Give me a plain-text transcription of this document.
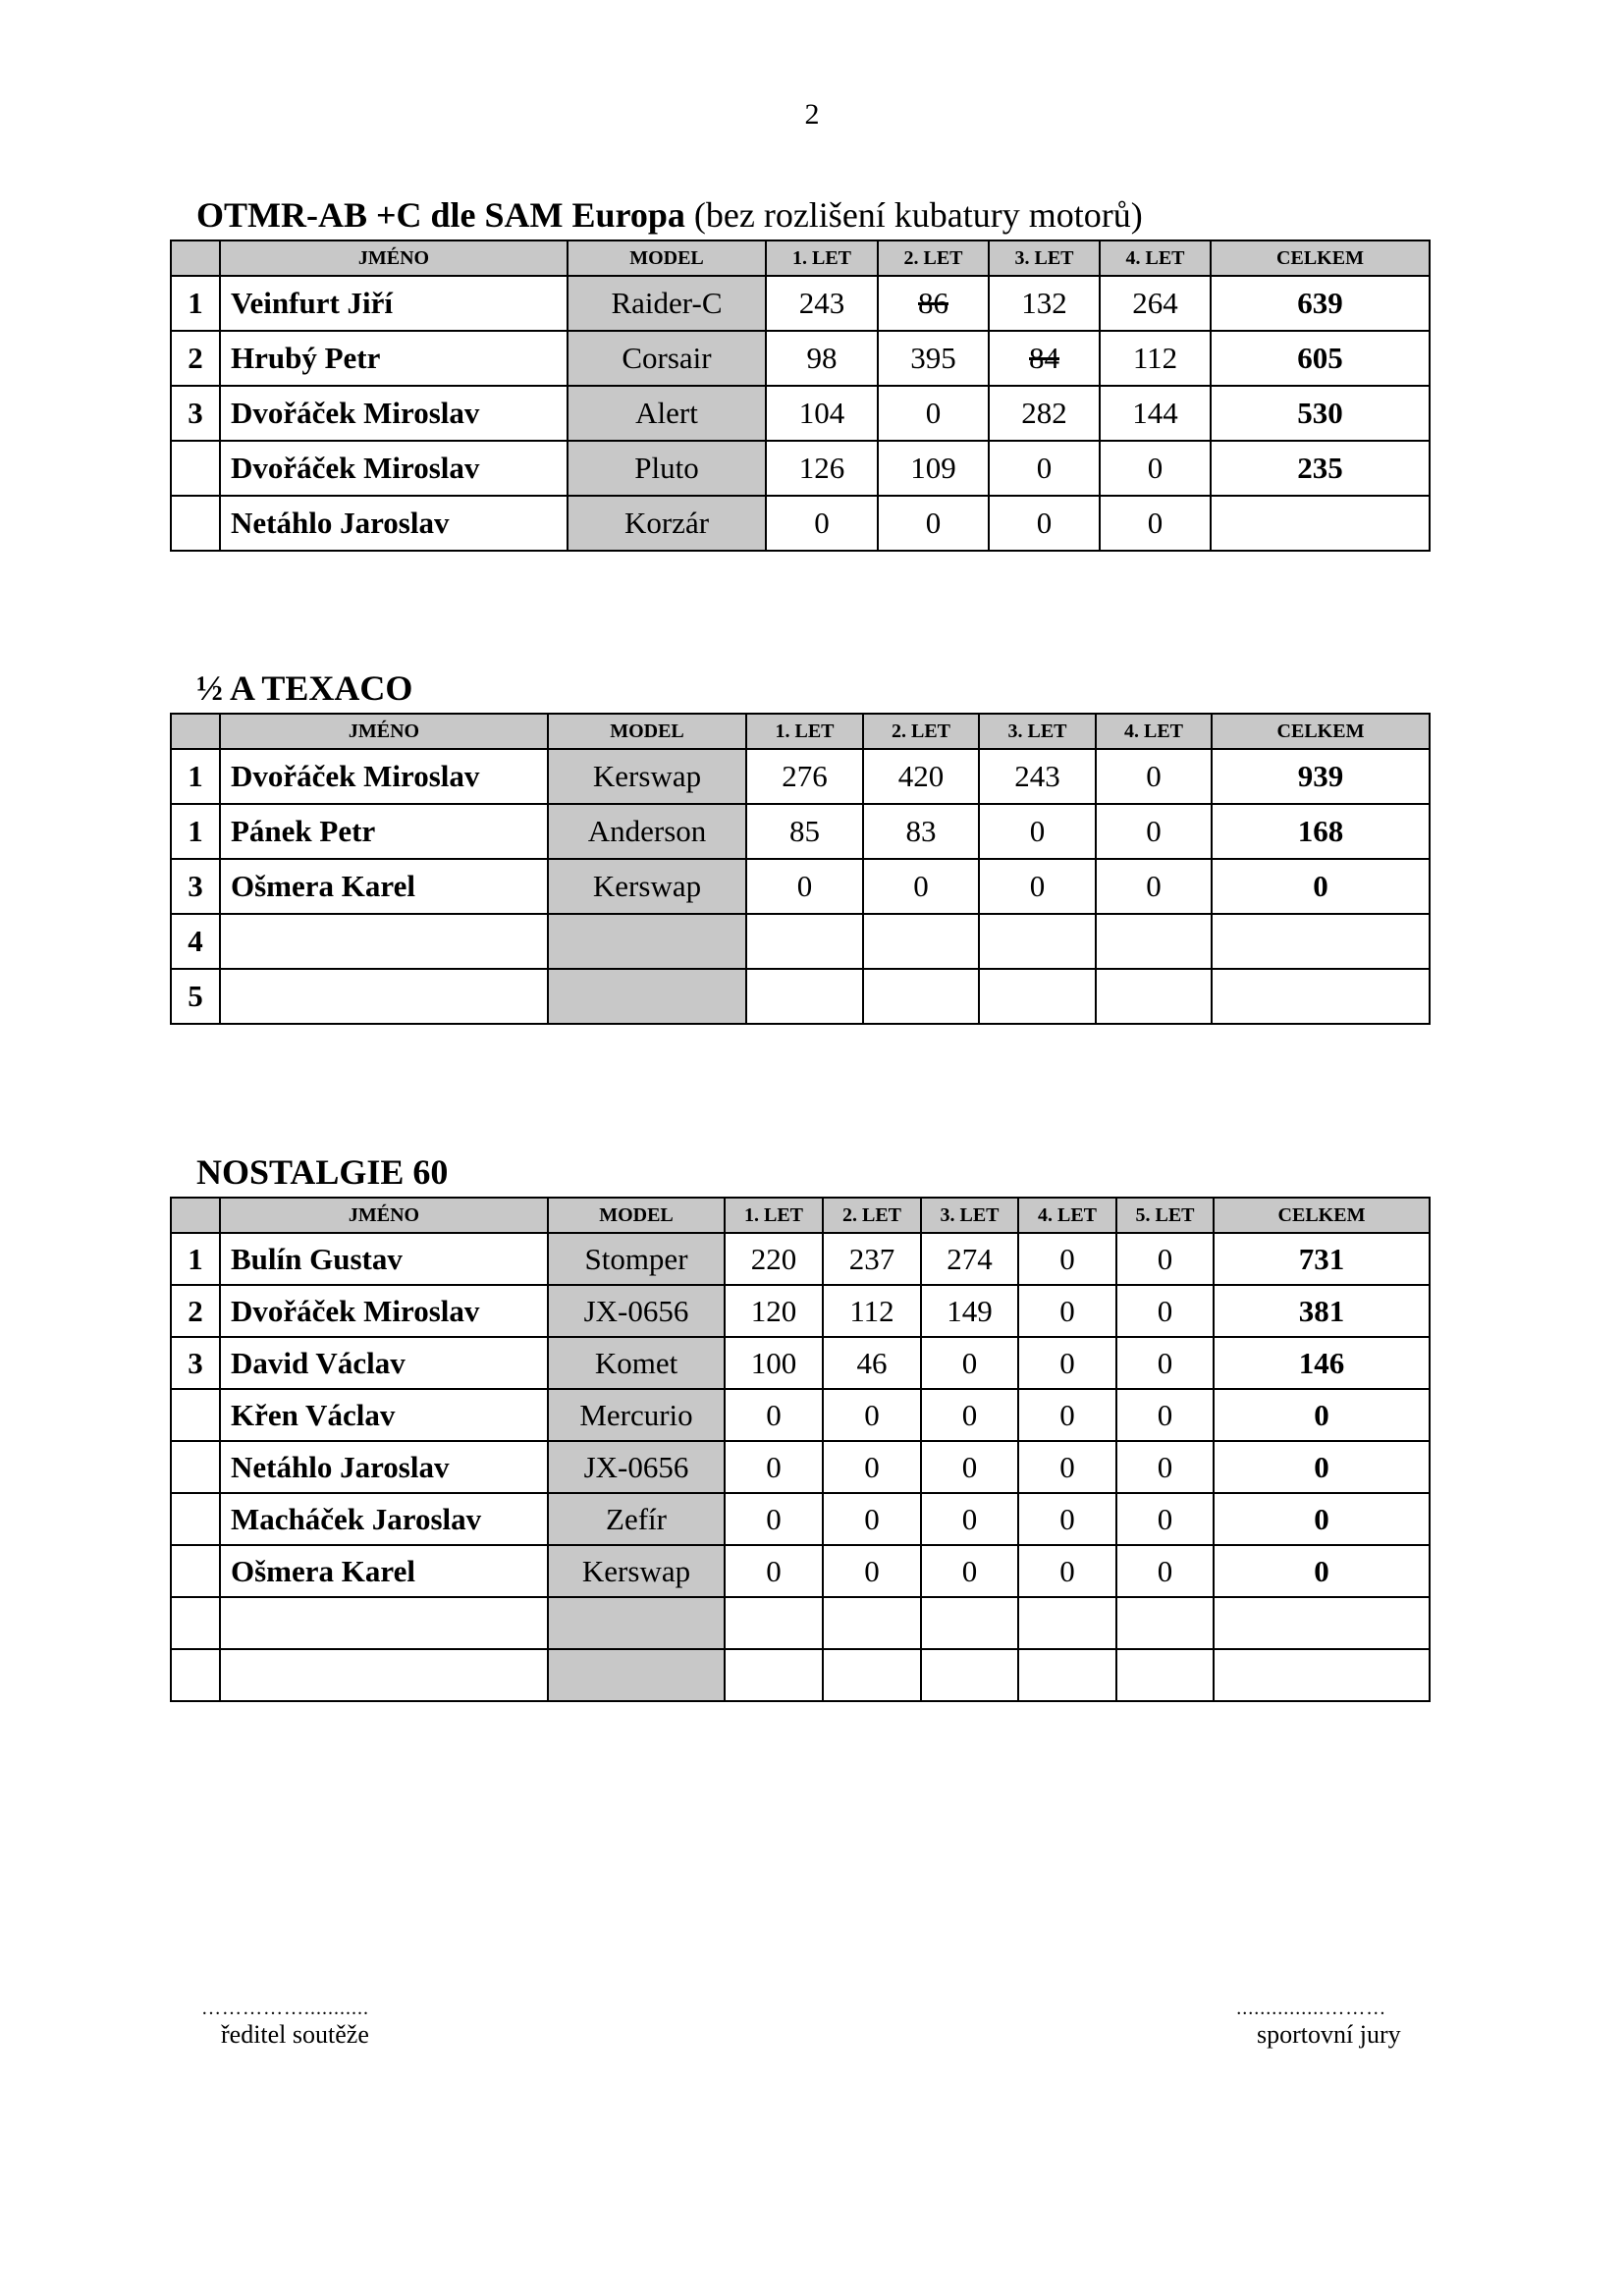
2
OTMR-AB +C dle SAM Europa (bez rozlišení kubatury motorů)
	JMÉNO	MODEL	1. LET	2. LET	3. LET	4. LET	CELKEM
1	Veinfurt Jiří	Raider-C	243	86	132	264	639
2	Hrubý Petr	Corsair	98	395	84	112	605
3	Dvořáček Miroslav	Alert	104	0	282	144	530
	Dvořáček Miroslav	Pluto	126	109	0	0	235
	Netáhlo Jaroslav	Korzár	0	0	0	0	
½ A TEXACO
	JMÉNO	MODEL	1. LET	2. LET	3. LET	4. LET	CELKEM
1	Dvořáček Miroslav	Kerswap	276	420	243	0	939
1	Pánek Petr	Anderson	85	83	0	0	168
3	Ošmera Karel	Kerswap	0	0	0	0	0
4							
5							
NOSTALGIE 60
	JMÉNO	MODEL	1. LET	2. LET	3. LET	4. LET	5. LET	CELKEM
1	Bulín Gustav	Stomper	220	237	274	0	0	731
2	Dvořáček Miroslav	JX-0656	120	112	149	0	0	381
3	David Václav	Komet	100	46	0	0	0	146
	Křen Václav	Mercurio	0	0	0	0	0	0
	Netáhlo Jaroslav	JX-0656	0	0	0	0	0	0
	Macháček Jaroslav	Zefír	0	0	0	0	0	0
	Ošmera Karel	Kerswap	0	0	0	0	0	0

……………...........
ředitel soutěže
...............………
sportovní jury
